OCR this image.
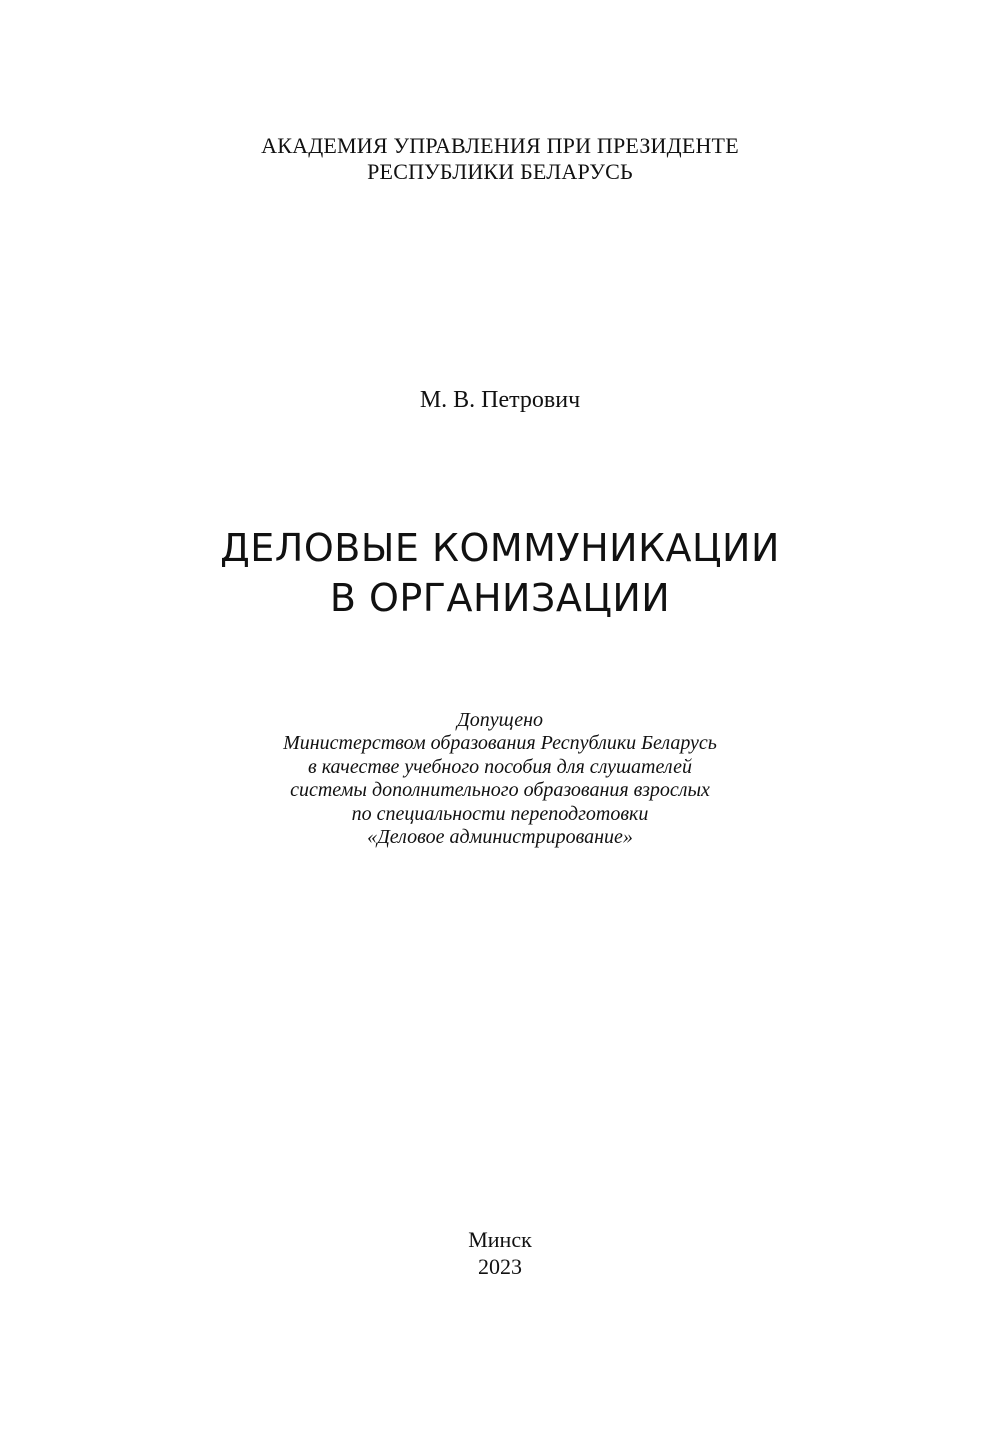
АКАДЕМИЯ УПРАВЛЕНИЯ ПРИ ПРЕЗИДЕНТЕ
РЕСПУБЛИКИ БЕЛАРУСЬ
М. В. Петрович
ДЕЛОВЫЕ КОММУНИКАЦИИ
В ОРГАНИЗАЦИИ
Допущено
Министерством образования Республики Беларусь
в качестве учебного пособия для слушателей
системы дополнительного образования взрослых
по специальности переподготовки
«Деловое администрирование»
Минск
2023
